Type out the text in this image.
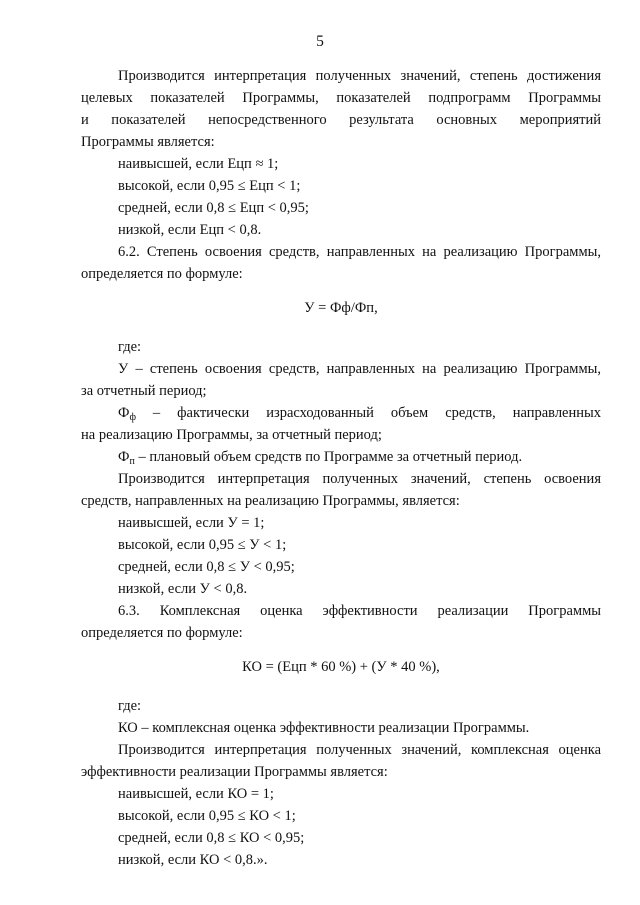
5
Производится интерпретация полученных значений, степень достижения
целевых показателей Программы, показателей подпрограмм Программы
и показателей непосредственного результата основных мероприятий
Программы является:
наивысшей, если Ецп ≈ 1;
высокой, если 0,95 ≤ Ецп < 1;
средней, если 0,8 ≤ Ецп < 0,95;
низкой, если Ецп < 0,8.
6.2. Степень освоения средств, направленных на реализацию Программы,
определяется по формуле:
У = Фф/Фп,
где:
У – степень освоения средств, направленных на реализацию Программы,
за отчетный период;
$Ф_ф$ – фактически израсходованный объем средств, направленных
на реализацию Программы, за отчетный период;
$Ф_п$ – плановый объем средств по Программе за отчетный период.
Производится интерпретация полученных значений, степень освоения
средств, направленных на реализацию Программы, является:
наивысшей, если У = 1;
высокой, если 0,95 ≤ У < 1;
средней, если 0,8 ≤ У < 0,95;
низкой, если У < 0,8.
6.3. Комплексная оценка эффективности реализации Программы
определяется по формуле:
КО = (Ецп * 60 %) + (У * 40 %),
где:
КО – комплексная оценка эффективности реализации Программы.
Производится интерпретация полученных значений, комплексная оценка
эффективности реализации Программы является:
наивысшей, если КО = 1;
высокой, если 0,95 ≤ КО < 1;
средней, если 0,8 ≤ КО < 0,95;
низкой, если КО < 0,8.».
